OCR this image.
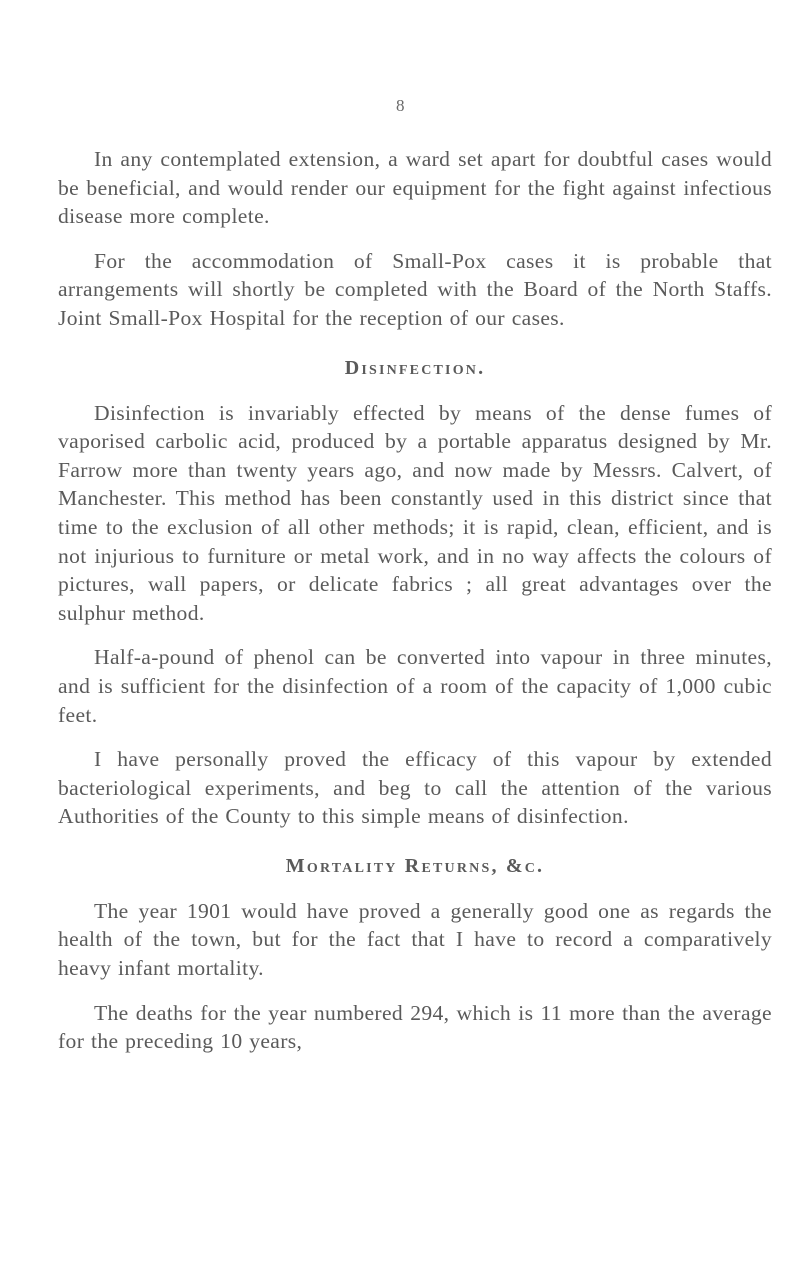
8

In any contemplated extension, a ward set apart for doubtful cases would be beneficial, and would render our equipment for the fight against infectious disease more complete.

For the accommodation of Small-Pox cases it is probable that arrangements will shortly be completed with the Board of the North Staffs. Joint Small-Pox Hospital for the reception of our cases.

Disinfection.

Disinfection is invariably effected by means of the dense fumes of vaporised carbolic acid, produced by a portable apparatus designed by Mr. Farrow more than twenty years ago, and now made by Messrs. Calvert, of Manchester. This method has been constantly used in this district since that time to the exclusion of all other methods; it is rapid, clean, efficient, and is not injurious to furniture or metal work, and in no way affects the colours of pictures, wall papers, or delicate fabrics ; all great advantages over the sulphur method.

Half-a-pound of phenol can be converted into vapour in three minutes, and is sufficient for the disinfection of a room of the capacity of 1,000 cubic feet.

I have personally proved the efficacy of this vapour by extended bacteriological experiments, and beg to call the attention of the various Authorities of the County to this simple means of disinfection.

Mortality Returns, &c.

The year 1901 would have proved a generally good one as regards the health of the town, but for the fact that I have to record a comparatively heavy infant mortality.

The deaths for the year numbered 294, which is 11 more than the average for the preceding 10 years,
